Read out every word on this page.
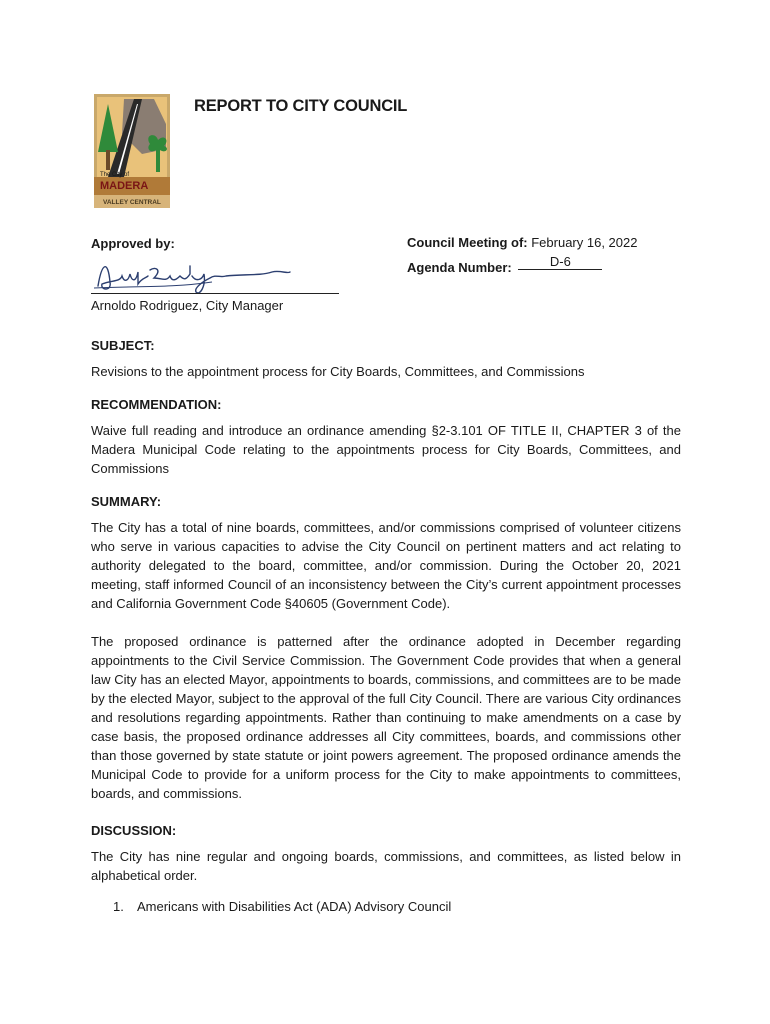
The City of
MADERA
VALLEY CENTRAL
REPORT TO CITY COUNCIL
Approved by:
Arnoldo Rodriguez, City Manager
Council Meeting of: February 16, 2022
Agenda Number:	D-6
SUBJECT:
Revisions to the appointment process for City Boards, Committees, and Commissions
RECOMMENDATION:
Waive full reading and introduce an ordinance amending §2-3.101 OF TITLE II, CHAPTER 3 of the Madera Municipal Code relating to the appointments process for City Boards, Committees, and Commissions
SUMMARY:
The City has a total of nine boards, committees, and/or commissions comprised of volunteer citizens who serve in various capacities to advise the City Council on pertinent matters and act relating to authority delegated to the board, committee, and/or commission. During the October 20, 2021 meeting, staff informed Council of an inconsistency between the City’s current appointment processes and California Government Code §40605 (Government Code).
The proposed ordinance is patterned after the ordinance adopted in December regarding appointments to the Civil Service Commission. The Government Code provides that when a general law City has an elected Mayor, appointments to boards, commissions, and committees are to be made by the elected Mayor, subject to the approval of the full City Council. There are various City ordinances and resolutions regarding appointments. Rather than continuing to make amendments on a case by case basis, the proposed ordinance addresses all City committees, boards, and commissions other than those governed by state statute or joint powers agreement. The proposed ordinance amends the Municipal Code to provide for a uniform process for the City to make appointments to committees, boards, and commissions.
DISCUSSION:
The City has nine regular and ongoing boards, commissions, and committees, as listed below in alphabetical order.
1.	Americans with Disabilities Act (ADA) Advisory Council
